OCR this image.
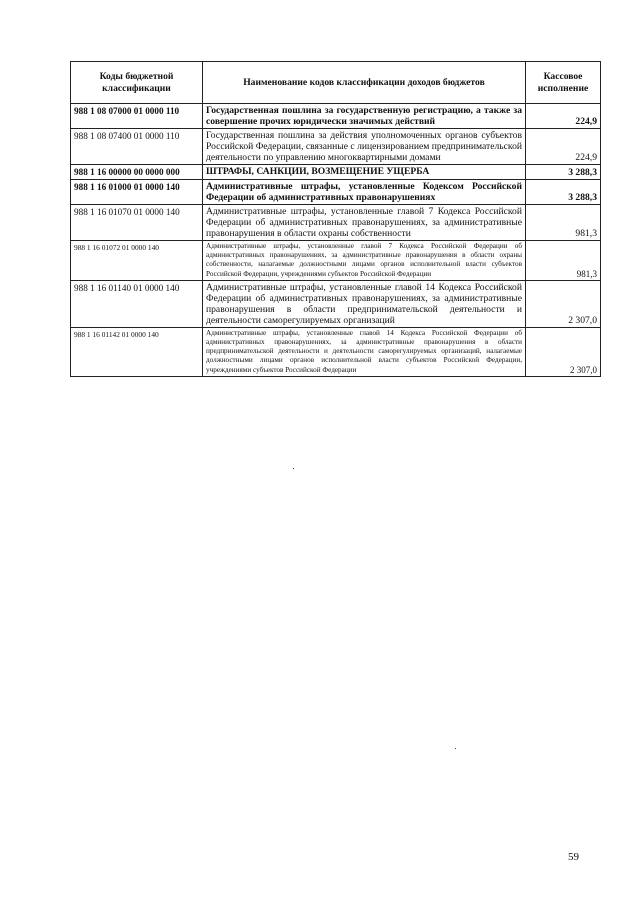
Коды бюджетной классификации	Наименование кодов классификации доходов бюджетов	Кассовое исполнение
988 1 08 07000 01 0000 110	Государственная пошлина за государственную регистрацию, а также за совершение прочих юридически значимых действий	224,9
988 1 08 07400 01 0000 110	Государственная пошлина за действия уполномоченных органов субъектов Российской Федерации, связанные с лицензированием предпринимательской деятельности по управлению многоквартирными домами	224,9
988 1 16 00000 00 0000 000	ШТРАФЫ, САНКЦИИ, ВОЗМЕЩЕНИЕ УЩЕРБА	3 288,3
988 1 16 01000 01 0000 140	Административные штрафы, установленные Кодексом Российской Федерации об административных правонарушениях	3 288,3
988 1 16 01070 01 0000 140	Административные штрафы, установленные главой 7 Кодекса Российской Федерации об административных правонарушениях, за административные правонарушения в области охраны собственности	981,3
988 1 16 01072 01 0000 140	Административные штрафы, установленные главой 7 Кодекса Российской Федерации об административных правонарушениях, за административные правонарушения в области охраны собственности, налагаемые должностными лицами органов исполнительной власти субъектов Российской Федерации, учреждениями субъектов Российской Федерации	981,3
988 1 16 01140 01 0000 140	Административные штрафы, установленные главой 14 Кодекса Российской Федерации об административных правонарушениях, за административные правонарушения в области предпринимательской деятельности и деятельности саморегулируемых организаций	2 307,0
988 1 16 01142 01 0000 140	Административные штрафы, установленные главой 14 Кодекса Российской Федерации об административных правонарушениях, за административные правонарушения в области предпринимательской деятельности и деятельности саморегулируемых организаций, налагаемые должностными лицами органов исполнительной власти субъектов Российской Федерации, учреждениями субъектов Российской Федерации	2 307,0
59
